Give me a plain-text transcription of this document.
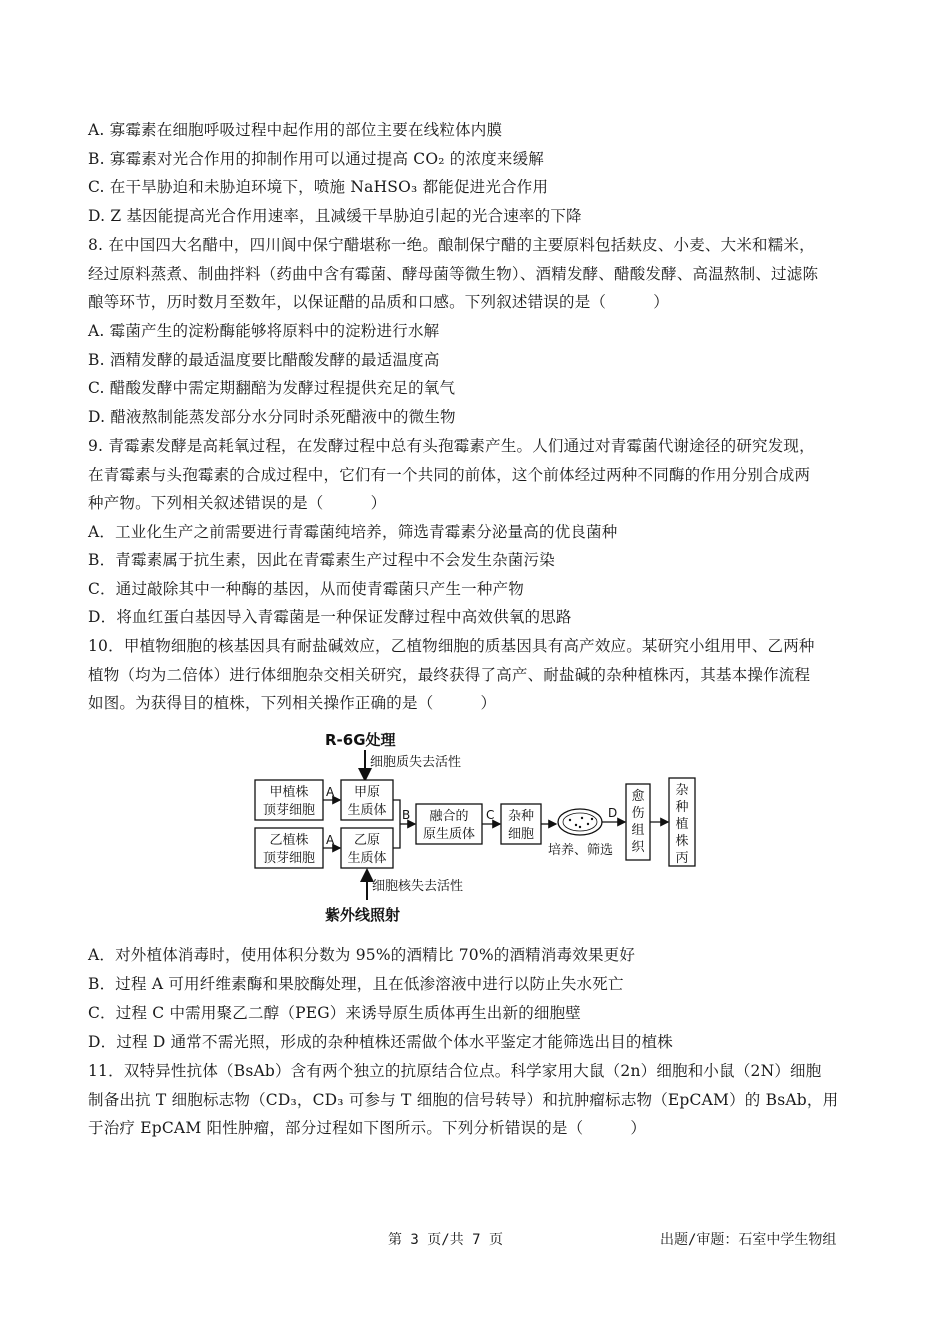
A. 寡霉素在细胞呼吸过程中起作用的部位主要在线粒体内膜
B. 寡霉素对光合作用的抑制作用可以通过提高 CO₂ 的浓度来缓解
C. 在干旱胁迫和未胁迫环境下，喷施 NaHSO₃ 都能促进光合作用
D. Z 基因能提高光合作用速率，且减缓干旱胁迫引起的光合速率的下降
8. 在中国四大名醋中，四川阆中保宁醋堪称一绝。酿制保宁醋的主要原料包括麸皮、小麦、大米和糯米，
经过原料蒸煮、制曲拌料（药曲中含有霉菌、酵母菌等微生物）、酒精发酵、醋酸发酵、高温熬制、过滤陈
酿等环节，历时数月至数年，以保证醋的品质和口感。下列叙述错误的是（　　　）
A. 霉菌产生的淀粉酶能够将原料中的淀粉进行水解
B. 酒精发酵的最适温度要比醋酸发酵的最适温度高
C. 醋酸发酵中需定期翻醅为发酵过程提供充足的氧气
D. 醋液熬制能蒸发部分水分同时杀死醋液中的微生物
9. 青霉素发酵是高耗氧过程，在发酵过程中总有头孢霉素产生。人们通过对青霉菌代谢途径的研究发现，
在青霉素与头孢霉素的合成过程中，它们有一个共同的前体，这个前体经过两种不同酶的作用分别合成两
种产物。下列相关叙述错误的是（　　　）
A．工业化生产之前需要进行青霉菌纯培养，筛选青霉素分泌量高的优良菌种
B．青霉素属于抗生素，因此在青霉素生产过程中不会发生杂菌污染
C．通过敲除其中一种酶的基因，从而使青霉菌只产生一种产物
D．将血红蛋白基因导入青霉菌是一种保证发酵过程中高效供氧的思路
10．甲植物细胞的核基因具有耐盐碱效应，乙植物细胞的质基因具有高产效应。某研究小组用甲、乙两种
植物（均为二倍体）进行体细胞杂交相关研究，最终获得了高产、耐盐碱的杂种植株丙，其基本操作流程
如图。为获得目的植株，下列相关操作正确的是（　　　）
R-6G处理
细胞质失去活性
甲植株
顶芽细胞
A 甲原
生质体
乙植株
顶芽细胞
A 乙原
生质体
B 融合的
原生质体
C 杂种
细胞
培养、筛选
D
愈
伤
组
织
杂
种
植
株
丙
细胞核失去活性
紫外线照射
A．对外植体消毒时，使用体积分数为 95%的酒精比 70%的酒精消毒效果更好
B．过程 A 可用纤维素酶和果胶酶处理，且在低渗溶液中进行以防止失水死亡
C．过程 C 中需用聚乙二醇（PEG）来诱导原生质体再生出新的细胞壁
D．过程 D 通常不需光照，形成的杂种植株还需做个体水平鉴定才能筛选出目的植株
11．双特异性抗体（BsAb）含有两个独立的抗原结合位点。科学家用大鼠（2n）细胞和小鼠（2N）细胞
制备出抗 T 细胞标志物（CD₃，CD₃ 可参与 T 细胞的信号转导）和抗肿瘤标志物（EpCAM）的 BsAb，用
于治疗 EpCAM 阳性肿瘤，部分过程如下图所示。下列分析错误的是（　　　）
第 3 页/共 7 页	出题/审题：石室中学生物组
